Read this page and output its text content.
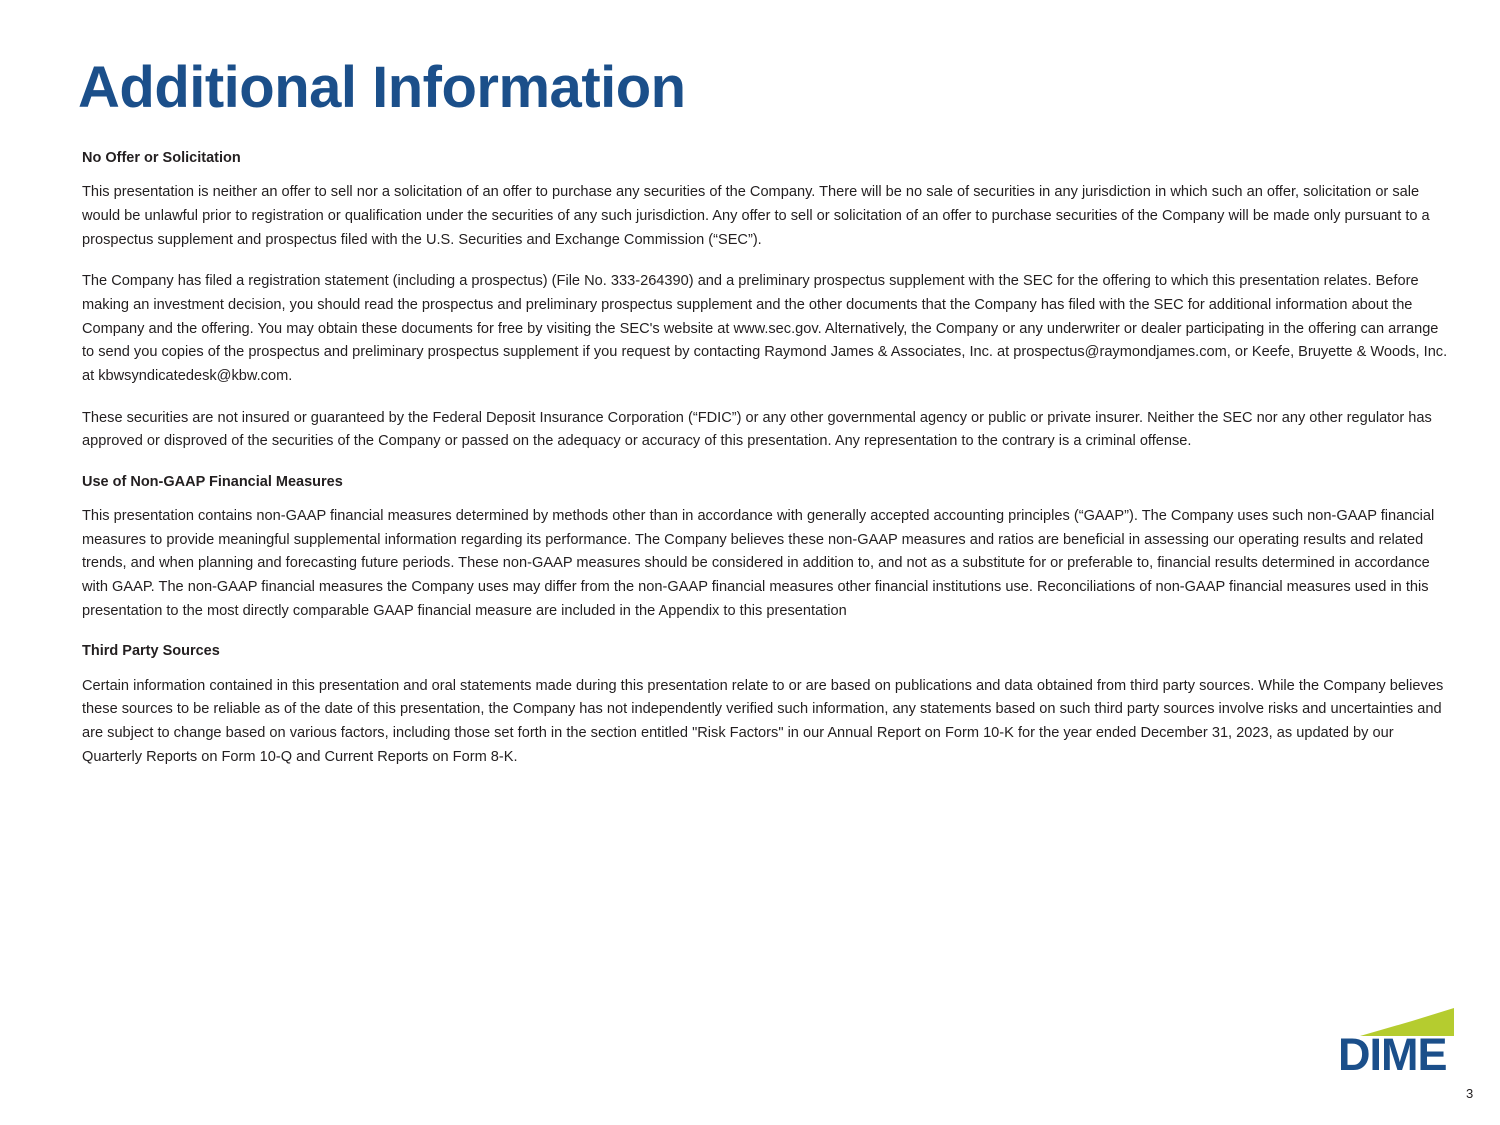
Additional Information
No Offer or Solicitation

This presentation is neither an offer to sell nor a solicitation of an offer to purchase any securities of the Company. There will be no sale of securities in any jurisdiction in which such an offer, solicitation or sale would be unlawful prior to registration or qualification under the securities of any such jurisdiction. Any offer to sell or solicitation of an offer to purchase securities of the Company will be made only pursuant to a prospectus supplement and prospectus filed with the U.S. Securities and Exchange Commission (“SEC”).

The Company has filed a registration statement (including a prospectus) (File No. 333-264390) and a preliminary prospectus supplement with the SEC for the offering to which this presentation relates. Before making an investment decision, you should read the prospectus and preliminary prospectus supplement and the other documents that the Company has filed with the SEC for additional information about the Company and the offering. You may obtain these documents for free by visiting the SEC's website at www.sec.gov. Alternatively, the Company or any underwriter or dealer participating in the offering can arrange to send you copies of the prospectus and preliminary prospectus supplement if you request by contacting Raymond James & Associates, Inc. at prospectus@raymondjames.com, or Keefe, Bruyette & Woods, Inc. at kbwsyndicatedesk@kbw.com.

These securities are not insured or guaranteed by the Federal Deposit Insurance Corporation (“FDIC”) or any other governmental agency or public or private insurer. Neither the SEC nor any other regulator has approved or disproved of the securities of the Company or passed on the adequacy or accuracy of this presentation. Any representation to the contrary is a criminal offense.

Use of Non-GAAP Financial Measures

This presentation contains non-GAAP financial measures determined by methods other than in accordance with generally accepted accounting principles (“GAAP”). The Company uses such non-GAAP financial measures to provide meaningful supplemental information regarding its performance. The Company believes these non-GAAP measures and ratios are beneficial in assessing our operating results and related trends, and when planning and forecasting future periods. These non-GAAP measures should be considered in addition to, and not as a substitute for or preferable to, financial results determined in accordance with GAAP. The non-GAAP financial measures the Company uses may differ from the non-GAAP financial measures other financial institutions use. Reconciliations of non-GAAP financial measures used in this presentation to the most directly comparable GAAP financial measure are included in the Appendix to this presentation

Third Party Sources

Certain information contained in this presentation and oral statements made during this presentation relate to or are based on publications and data obtained from third party sources. While the Company believes these sources to be reliable as of the date of this presentation, the Company has not independently verified such information, any statements based on such third party sources involve risks and uncertainties and are subject to change based on various factors, including those set forth in the section entitled "Risk Factors" in our Annual Report on Form 10-K for the year ended December 31, 2023, as updated by our Quarterly Reports on Form 10-Q and Current Reports on Form 8-K.

DIME
3
